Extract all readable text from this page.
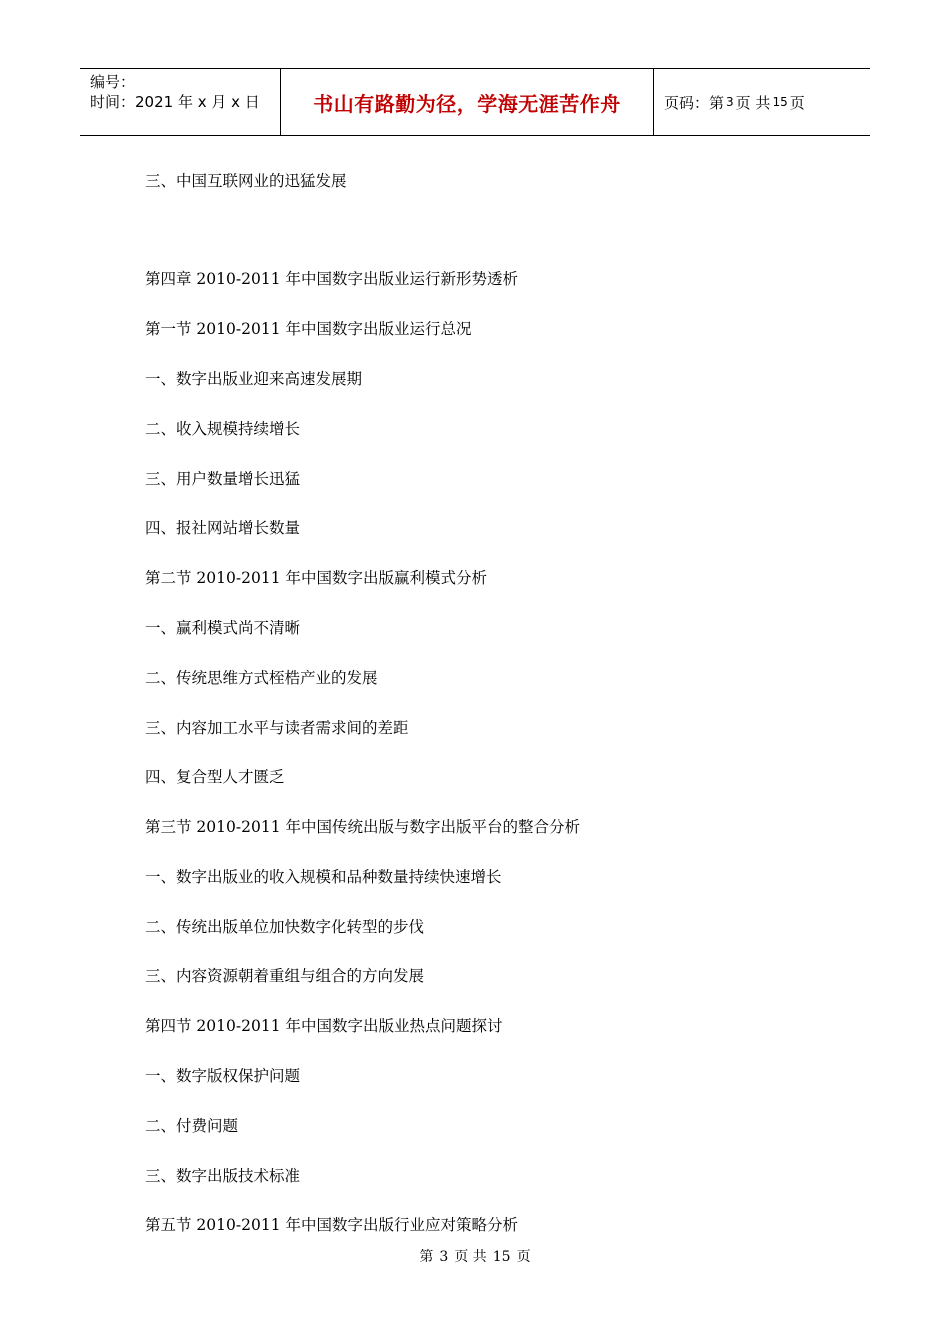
编号：
时间：2021 年 x 月 x 日	书山有路勤为径，学海无涯苦作舟	页码：第 3 页 共 15 页
三、中国互联网业的迅猛发展
第四章 2010-2011 年中国数字出版业运行新形势透析
第一节 2010-2011 年中国数字出版业运行总况
一、数字出版业迎来高速发展期
二、收入规模持续增长
三、用户数量增长迅猛
四、报社网站增长数量
第二节 2010-2011 年中国数字出版赢利模式分析
一、赢利模式尚不清晰
二、传统思维方式桎梏产业的发展
三、内容加工水平与读者需求间的差距
四、复合型人才匮乏
第三节 2010-2011 年中国传统出版与数字出版平台的整合分析
一、数字出版业的收入规模和品种数量持续快速增长
二、传统出版单位加快数字化转型的步伐
三、内容资源朝着重组与组合的方向发展
第四节 2010-2011 年中国数字出版业热点问题探讨
一、数字版权保护问题
二、付费问题
三、数字出版技术标准
第五节 2010-2011 年中国数字出版行业应对策略分析
第 3 页 共 15 页
